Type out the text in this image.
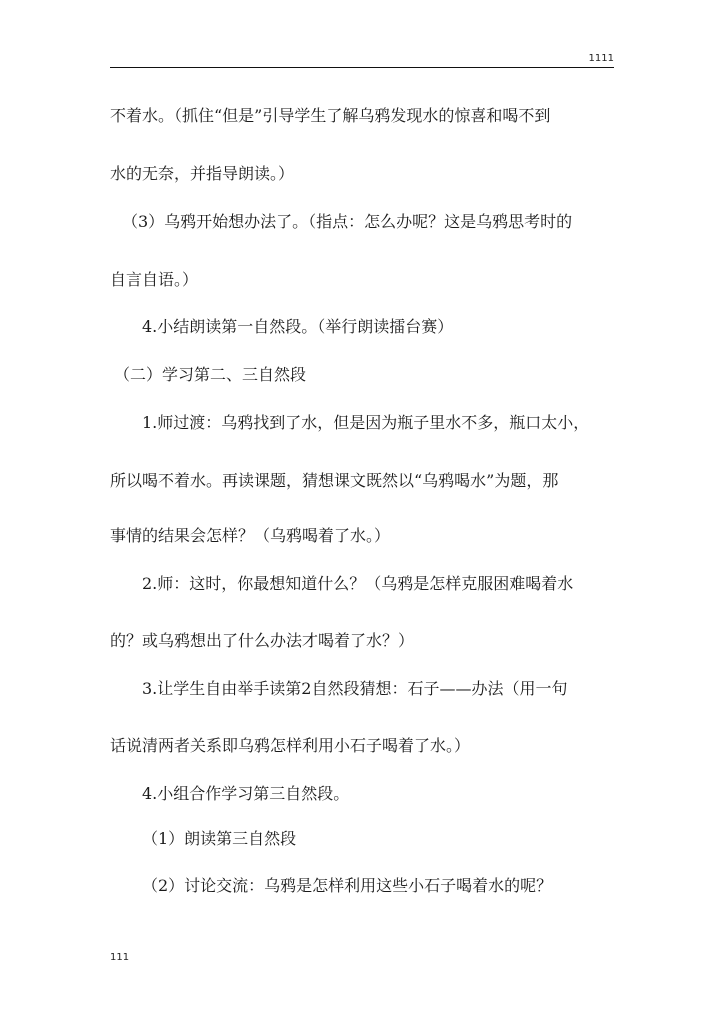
1111
不着水。（抓住“但是”引导学生了解乌鸦发现水的惊喜和喝不到
水的无奈，并指导朗读。）
（3）乌鸦开始想办法了。（指点：怎么办呢？这是乌鸦思考时的
自言自语。）
4.小结朗读第一自然段。（举行朗读擂台赛）
（二）学习第二、三自然段
1.师过渡：乌鸦找到了水，但是因为瓶子里水不多，瓶口太小，
所以喝不着水。再读课题，猜想课文既然以“乌鸦喝水”为题，那
事情的结果会怎样？（乌鸦喝着了水。）
2.师：这时，你最想知道什么？（乌鸦是怎样克服困难喝着水
的？或乌鸦想出了什么办法才喝着了水？）
3.让学生自由举手读第2自然段猜想：石子——办法（用一句
话说清两者关系即乌鸦怎样利用小石子喝着了水。）
4.小组合作学习第三自然段。
（1）朗读第三自然段
（2）讨论交流：乌鸦是怎样利用这些小石子喝着水的呢？
111
